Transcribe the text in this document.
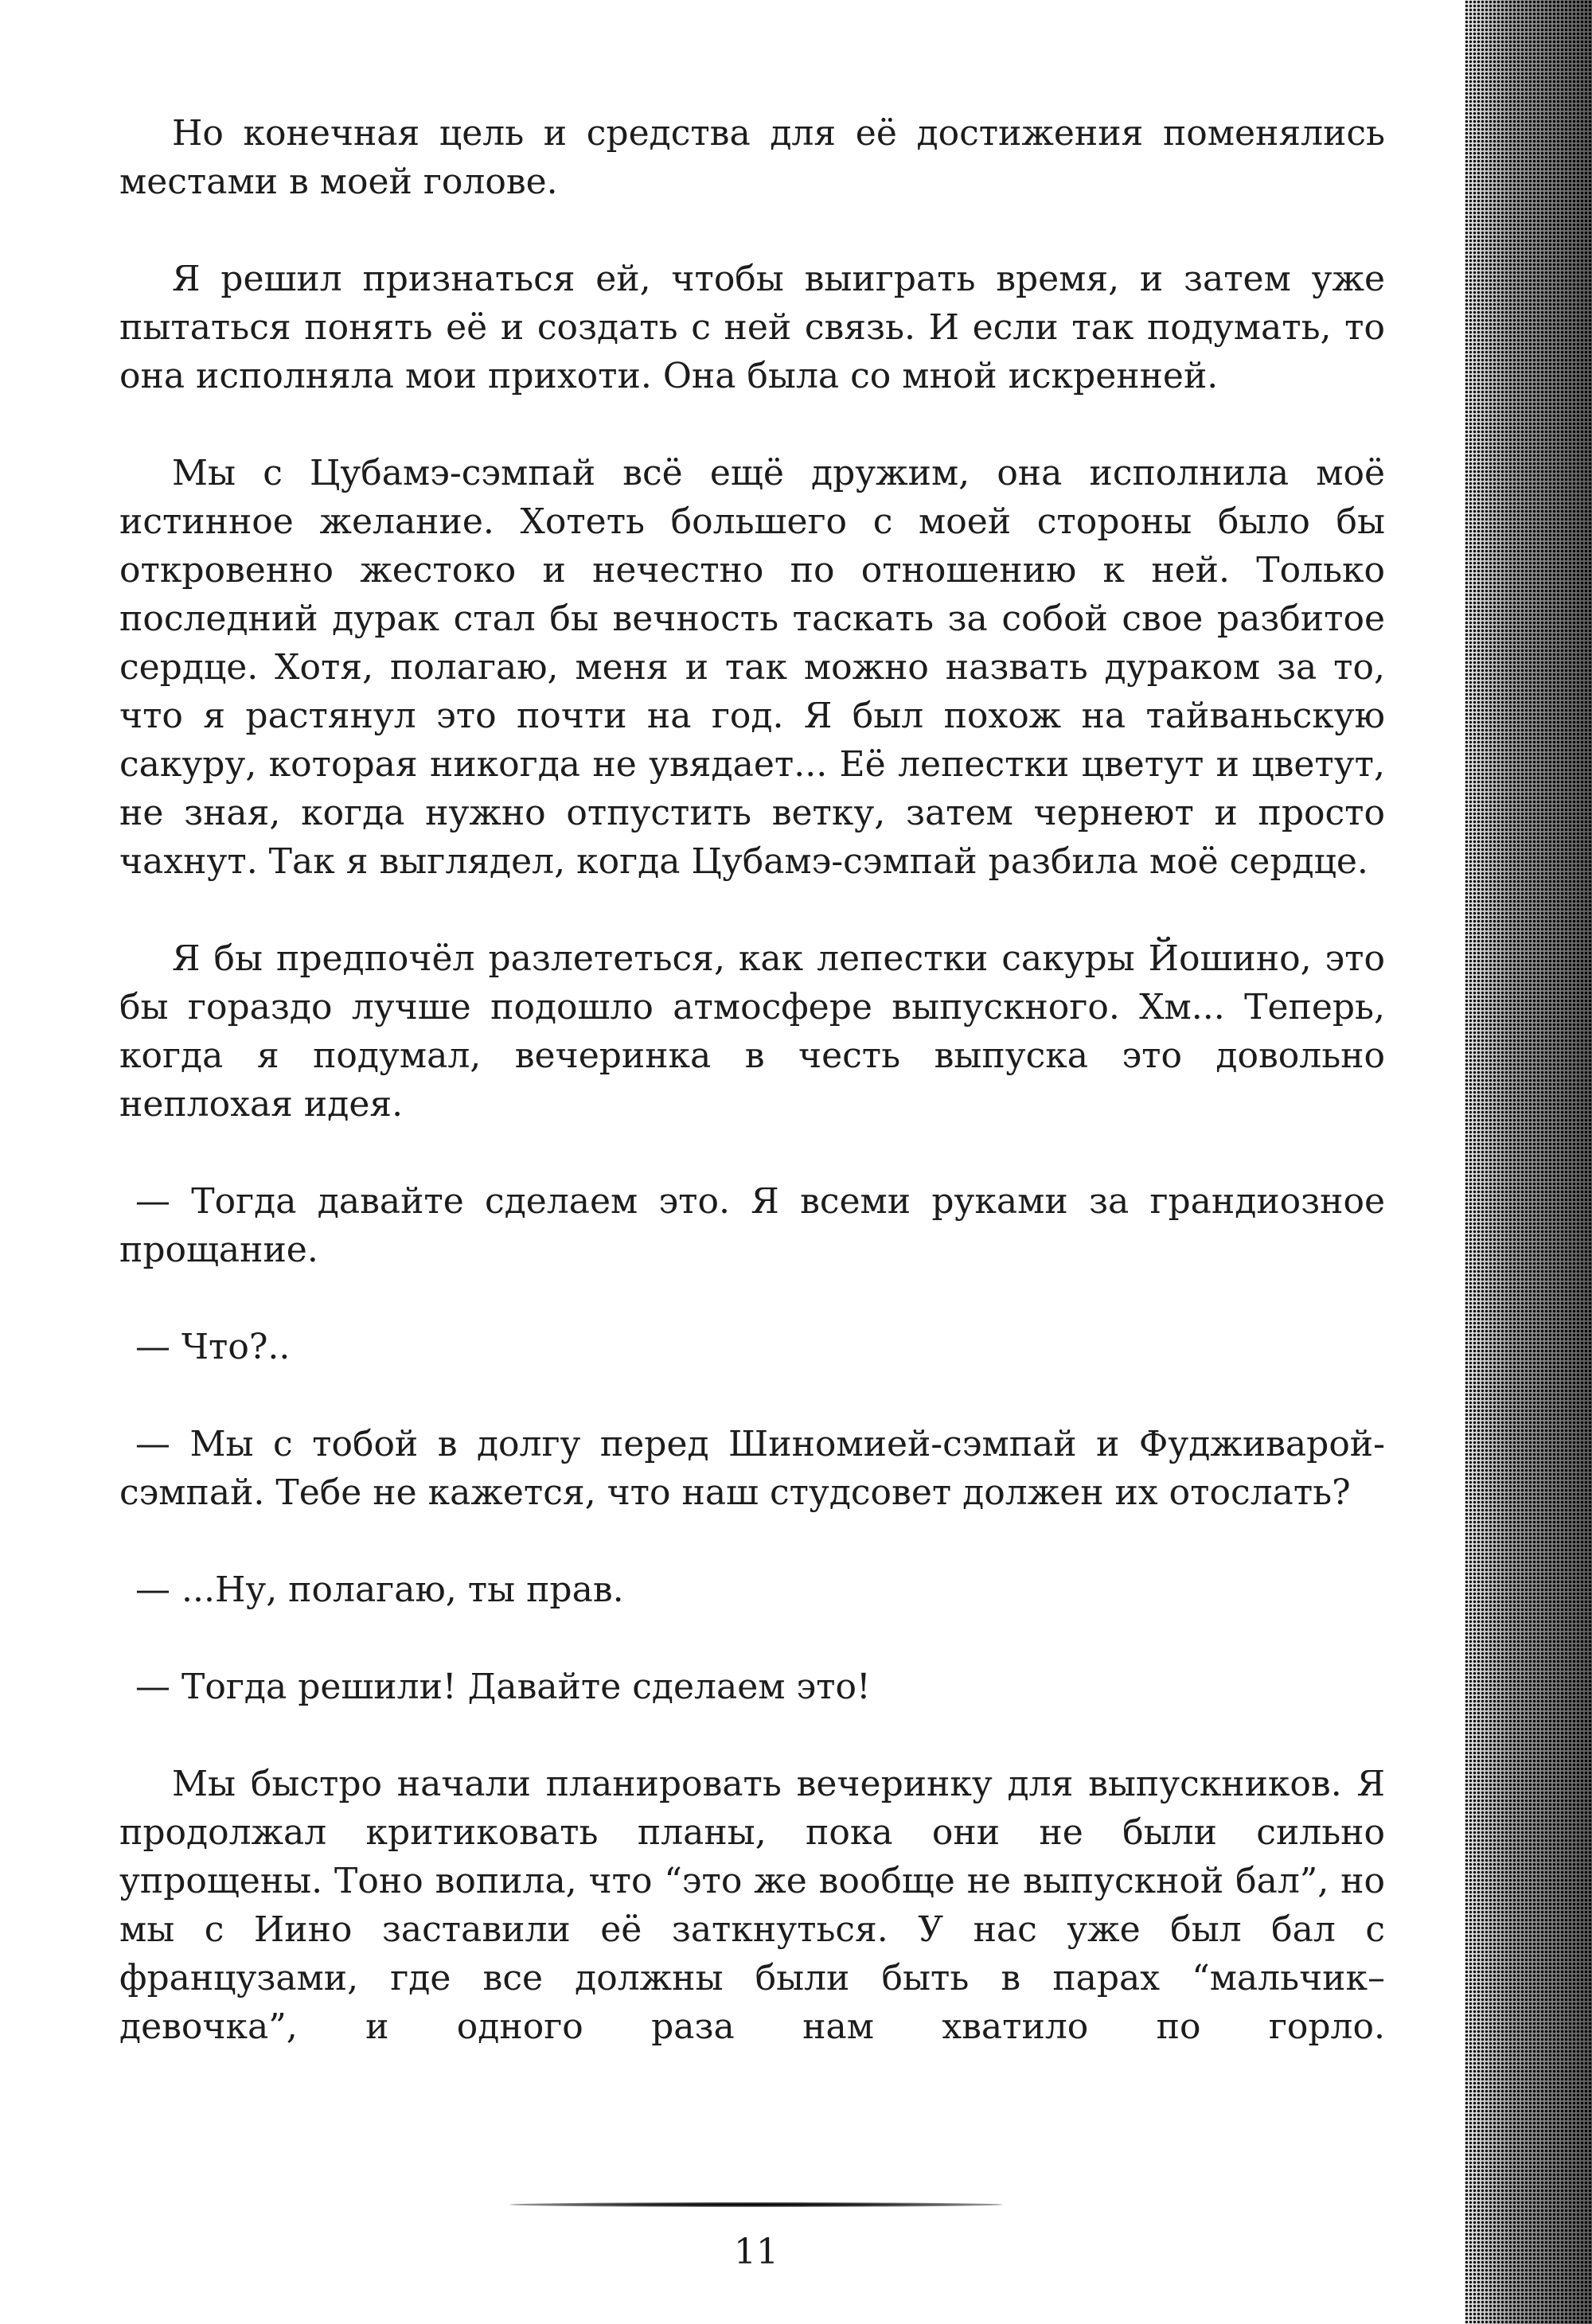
Но конечная цель и средства для её достижения поменялись местами в моей голове.

Я решил признаться ей, чтобы выиграть время, и затем уже пытаться понять её и создать с ней связь. И если так подумать, то она исполняла мои прихоти. Она была со мной искренней.

Мы с Цубамэ-сэмпай всё ещё дружим, она исполнила моё истинное желание. Хотеть большего с моей стороны было бы откровенно жестоко и нечестно по отношению к ней. Только последний дурак стал бы вечность таскать за собой свое разбитое сердце. Хотя, полагаю, меня и так можно назвать дураком за то, что я растянул это почти на год. Я был похож на тайваньскую сакуру, которая никогда не увядает... Её лепестки цветут и цветут, не зная, когда нужно отпустить ветку, затем чернеют и просто чахнут. Так я выглядел, когда Цубамэ-сэмпай разбила моё сердце.

Я бы предпочёл разлететься, как лепестки сакуры Йошино, это бы гораздо лучше подошло атмосфере выпускного. Хм... Теперь, когда я подумал, вечеринка в честь выпуска это довольно неплохая идея.

— Тогда давайте сделаем это. Я всеми руками за грандиозное прощание.

— Что?..

— Мы с тобой в долгу перед Шиномией-сэмпай и Фудживарой-сэмпай. Тебе не кажется, что наш студсовет должен их отослать?

— ...Ну, полагаю, ты прав.

— Тогда решили! Давайте сделаем это!

Мы быстро начали планировать вечеринку для выпускников. Я продолжал критиковать планы, пока они не были сильно упрощены. Тоно вопила, что “это же вообще не выпускной бал”, но мы с Иино заставили её заткнуться. У нас уже был бал с французами, где все должны были быть в парах “мальчик–девочка”, и одного раза нам хватило по горло.

11
